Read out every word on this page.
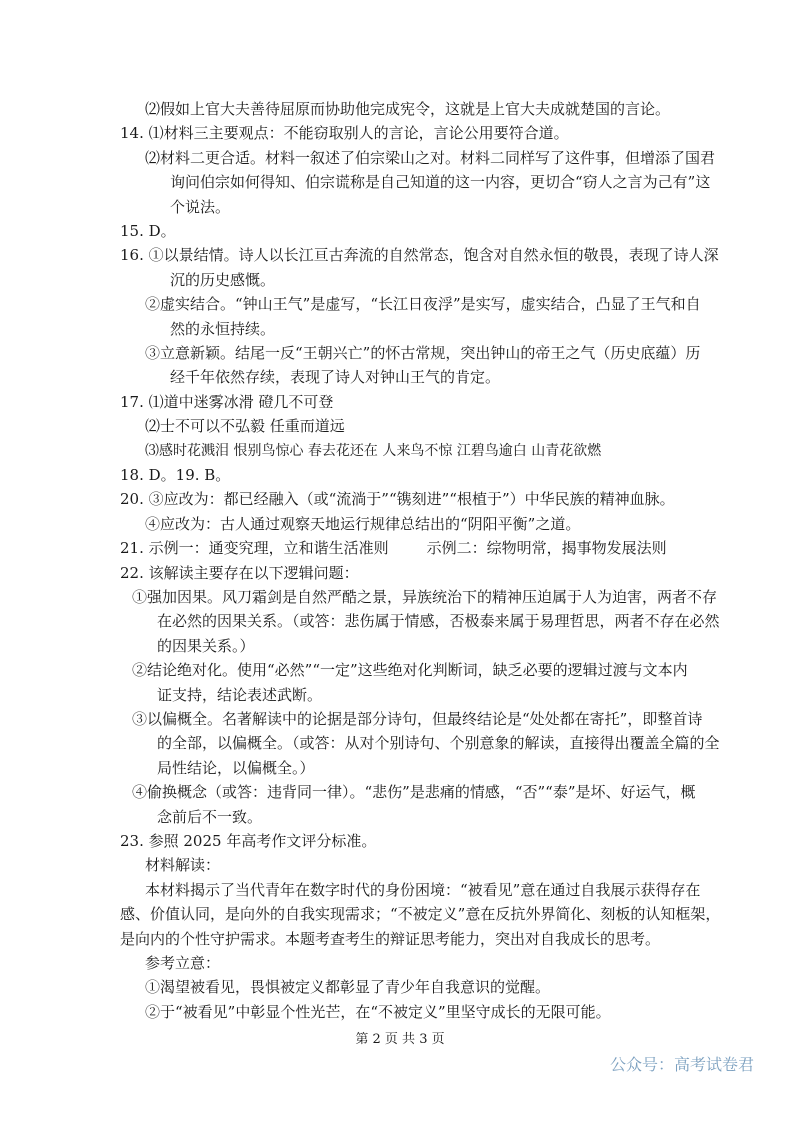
⑵假如上官大夫善待屈原而协助他完成宪令，这就是上官大夫成就楚国的言论。
14. ⑴材料三主要观点：不能窃取别人的言论，言论公用要符合道。
⑵材料二更合适。材料一叙述了伯宗梁山之对。材料二同样写了这件事，但增添了国君
询问伯宗如何得知、伯宗谎称是自己知道的这一内容，更切合“窃人之言为己有”这
个说法。
15. D。
16. ①以景结情。诗人以长江亘古奔流的自然常态，饱含对自然永恒的敬畏，表现了诗人深
沉的历史感慨。
②虚实结合。“钟山王气”是虚写，“长江日夜浮”是实写，虚实结合，凸显了王气和自
然的永恒持续。
③立意新颖。结尾一反“王朝兴亡”的怀古常规，突出钟山的帝王之气（历史底蕴）历
经千年依然存续，表现了诗人对钟山王气的肯定。
17. ⑴道中迷雾冰滑 磴几不可登
⑵士不可以不弘毅 任重而道远
⑶感时花溅泪 恨别鸟惊心 春去花还在 人来鸟不惊 江碧鸟逾白 山青花欲燃
18. D。19. B。
20. ③应改为：都已经融入（或“流淌于”“镌刻进”“根植于”）中华民族的精神血脉。
④应改为：古人通过观察天地运行规律总结出的“阴阳平衡”之道。
21. 示例一：通变究理，立和谐生活准则	示例二：综物明常，揭事物发展法则
22. 该解读主要存在以下逻辑问题：
①强加因果。风刀霜剑是自然严酷之景，异族统治下的精神压迫属于人为迫害，两者不存
在必然的因果关系。（或答：悲伤属于情感，否极泰来属于易理哲思，两者不存在必然
的因果关系。）
②结论绝对化。使用“必然”“一定”这些绝对化判断词，缺乏必要的逻辑过渡与文本内
证支持，结论表述武断。
③以偏概全。名著解读中的论据是部分诗句，但最终结论是“处处都在寄托”，即整首诗
的全部，以偏概全。（或答：从对个别诗句、个别意象的解读，直接得出覆盖全篇的全
局性结论，以偏概全。）
④偷换概念（或答：违背同一律）。“悲伤”是悲痛的情感，“否”“泰”是坏、好运气，概
念前后不一致。
23. 参照 2025 年高考作文评分标准。
材料解读：
本材料揭示了当代青年在数字时代的身份困境：“被看见”意在通过自我展示获得存在
感、价值认同，是向外的自我实现需求；“不被定义”意在反抗外界简化、刻板的认知框架，
是向内的个性守护需求。本题考查考生的辩证思考能力，突出对自我成长的思考。
参考立意：
①渴望被看见，畏惧被定义都彰显了青少年自我意识的觉醒。
②于“被看见”中彰显个性光芒，在“不被定义”里坚守成长的无限可能。
第 2 页 共 3 页
公众号：高考试卷君
